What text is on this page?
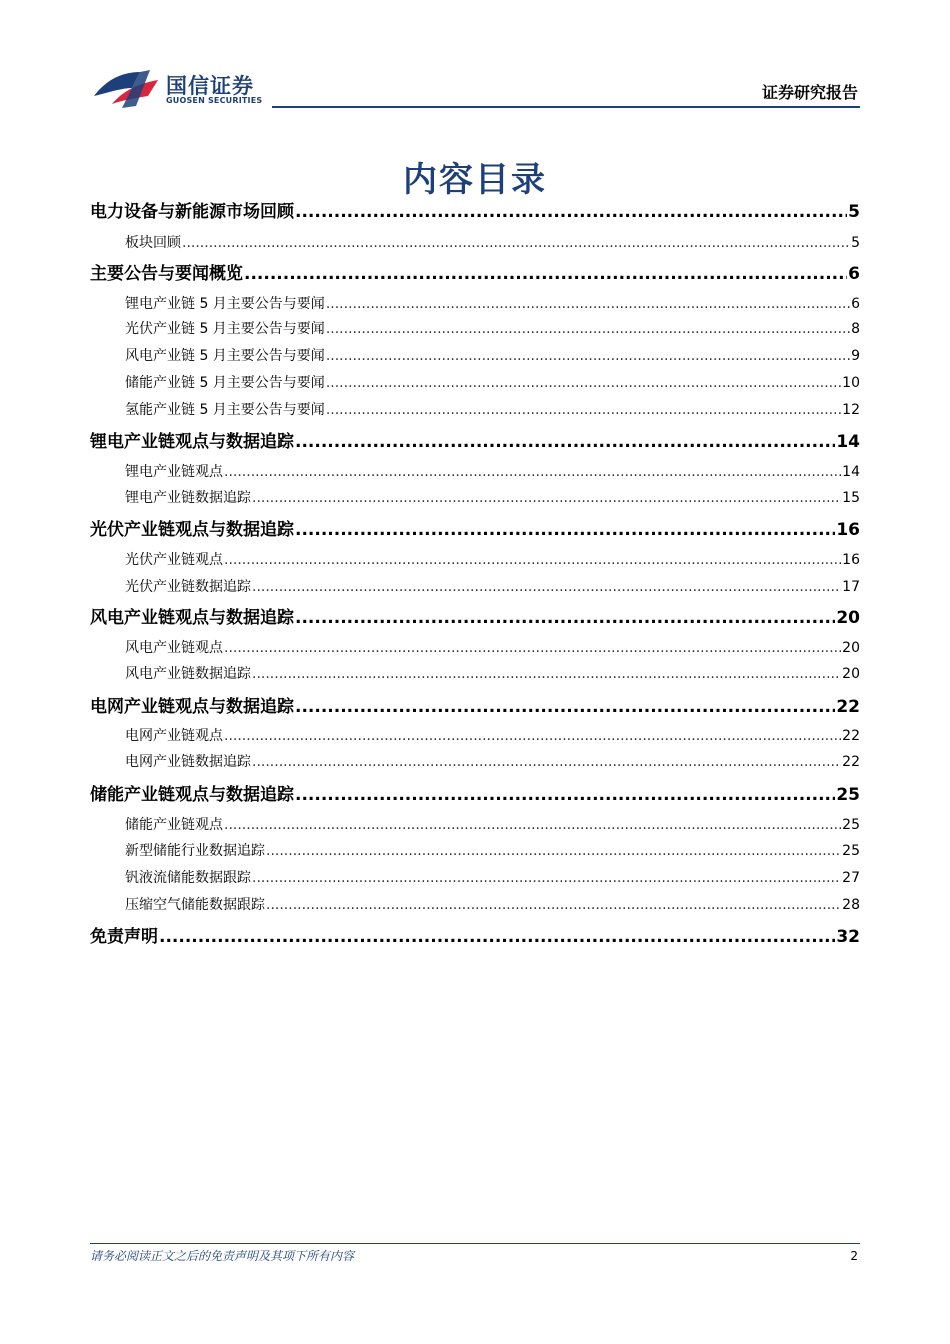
国信证券
GUOSEN SECURITIES	证券研究报告
内容目录
电力设备与新能源市场回顾 .....	5
板块回顾 .....	5
主要公告与要闻概览 .....	6
锂电产业链 5 月主要公告与要闻 .....	6
光伏产业链 5 月主要公告与要闻 .....	8
风电产业链 5 月主要公告与要闻 .....	9
储能产业链 5 月主要公告与要闻 .....	10
氢能产业链 5 月主要公告与要闻 .....	12
锂电产业链观点与数据追踪 .....	14
锂电产业链观点 .....	14
锂电产业链数据追踪 .....	15
光伏产业链观点与数据追踪 .....	16
光伏产业链观点 .....	16
光伏产业链数据追踪 .....	17
风电产业链观点与数据追踪 .....	20
风电产业链观点 .....	20
风电产业链数据追踪 .....	20
电网产业链观点与数据追踪 .....	22
电网产业链观点 .....	22
电网产业链数据追踪 .....	22
储能产业链观点与数据追踪 .....	25
储能产业链观点 .....	25
新型储能行业数据追踪 .....	25
钒液流储能数据跟踪 .....	27
压缩空气储能数据跟踪 .....	28
免责声明 .....	32
请务必阅读正文之后的免责声明及其项下所有内容	2
